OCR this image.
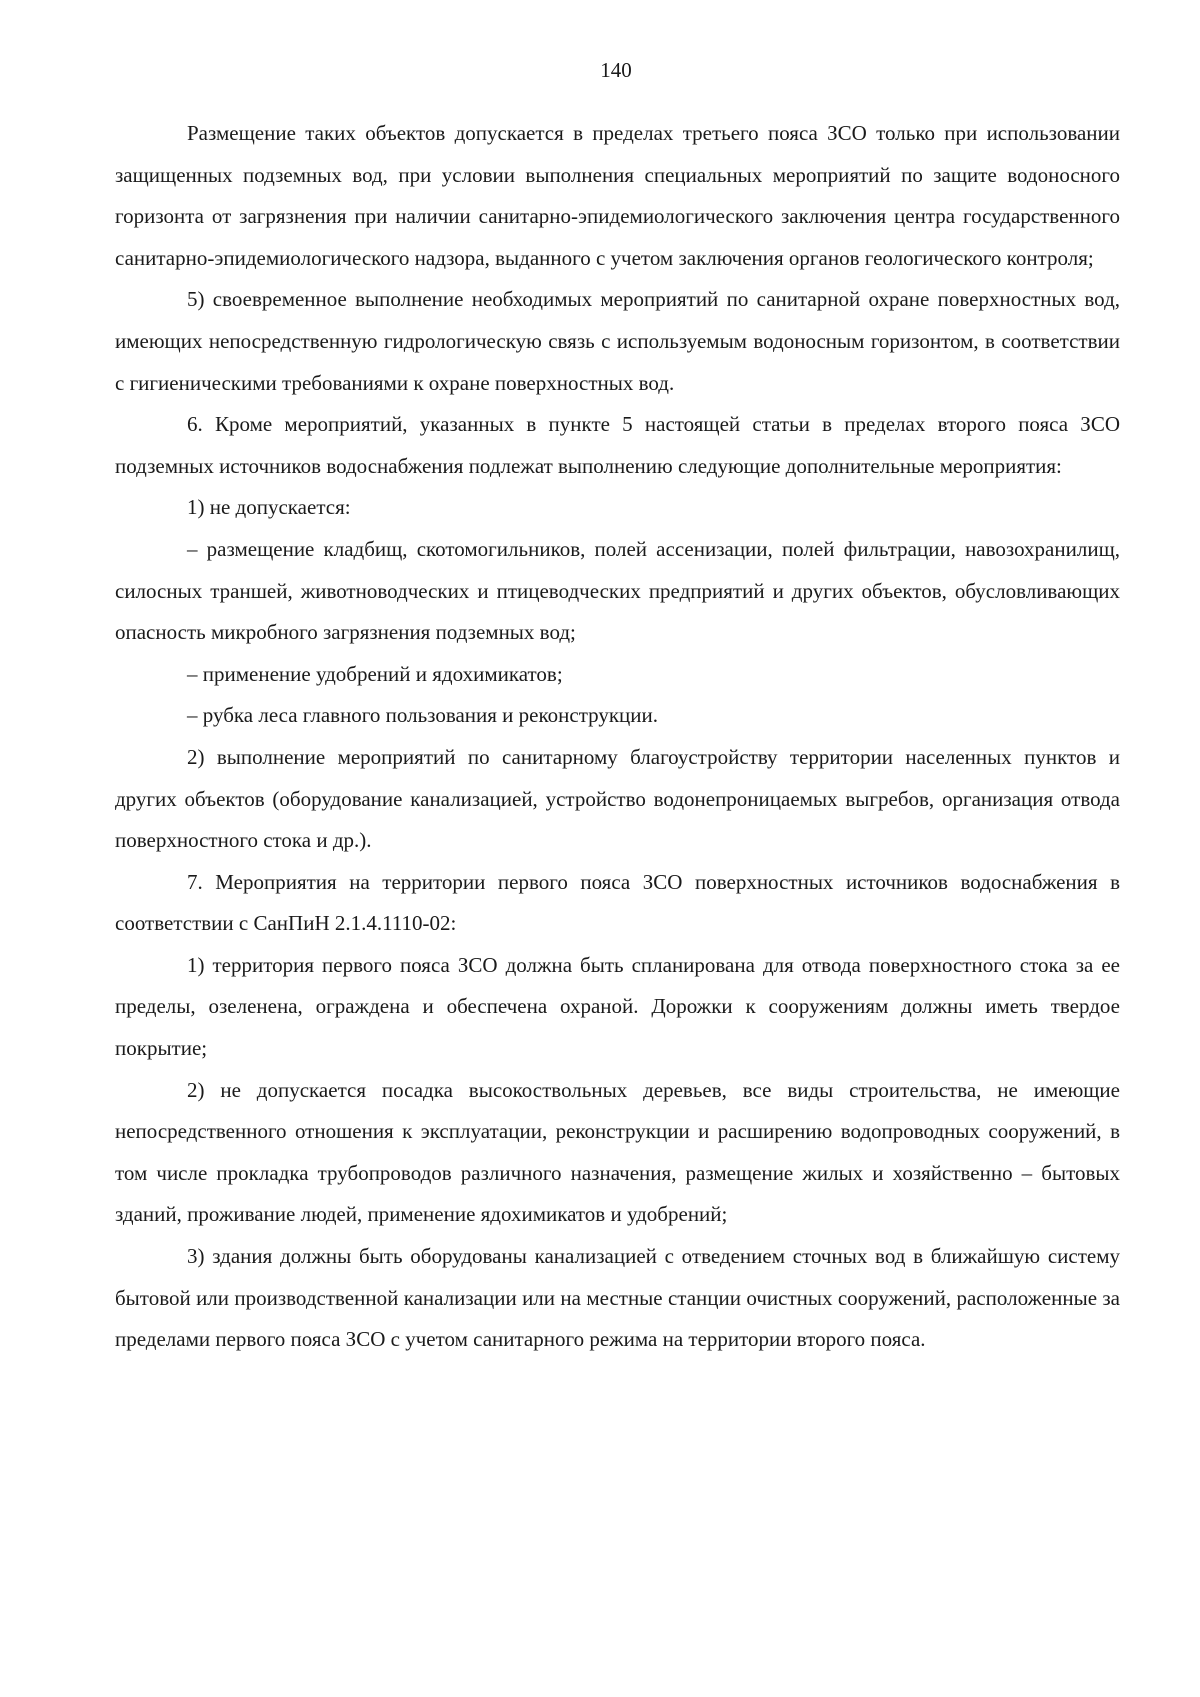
140

Размещение таких объектов допускается в пределах третьего пояса ЗСО только при использовании защищенных подземных вод, при условии выполнения специальных мероприятий по защите водоносного горизонта от загрязнения при наличии санитарно-эпидемиологического заключения центра государственного санитарно-эпидемиологического надзора, выданного с учетом заключения органов геологического контроля;

5) своевременное выполнение необходимых мероприятий по санитарной охране поверхностных вод, имеющих непосредственную гидрологическую связь с используемым водоносным горизонтом, в соответствии с гигиеническими требованиями к охране поверхностных вод.

6. Кроме мероприятий, указанных в пункте 5 настоящей статьи в пределах второго пояса ЗСО подземных источников водоснабжения подлежат выполнению следующие дополнительные мероприятия:

1) не допускается:

– размещение кладбищ, скотомогильников, полей ассенизации, полей фильтрации, навозохранилищ, силосных траншей, животноводческих и птицеводческих предприятий и других объектов, обусловливающих опасность микробного загрязнения подземных вод;

– применение удобрений и ядохимикатов;

– рубка леса главного пользования и реконструкции.

2) выполнение мероприятий по санитарному благоустройству территории населенных пунктов и других объектов (оборудование канализацией, устройство водонепроницаемых выгребов, организация отвода поверхностного стока и др.).

7. Мероприятия на территории первого пояса ЗСО поверхностных источников водоснабжения в соответствии с СанПиН 2.1.4.1110-02:

1) территория первого пояса ЗСО должна быть спланирована для отвода поверхностного стока за ее пределы, озеленена, ограждена и обеспечена охраной. Дорожки к сооружениям должны иметь твердое покрытие;

2) не допускается посадка высокоствольных деревьев, все виды строительства, не имеющие непосредственного отношения к эксплуатации, реконструкции и расширению водопроводных сооружений, в том числе прокладка трубопроводов различного назначения, размещение жилых и хозяйственно – бытовых зданий, проживание людей, применение ядохимикатов и удобрений;

3) здания должны быть оборудованы канализацией с отведением сточных вод в ближайшую систему бытовой или производственной канализации или на местные станции очистных сооружений, расположенные за пределами первого пояса ЗСО с учетом санитарного режима на территории второго пояса.
